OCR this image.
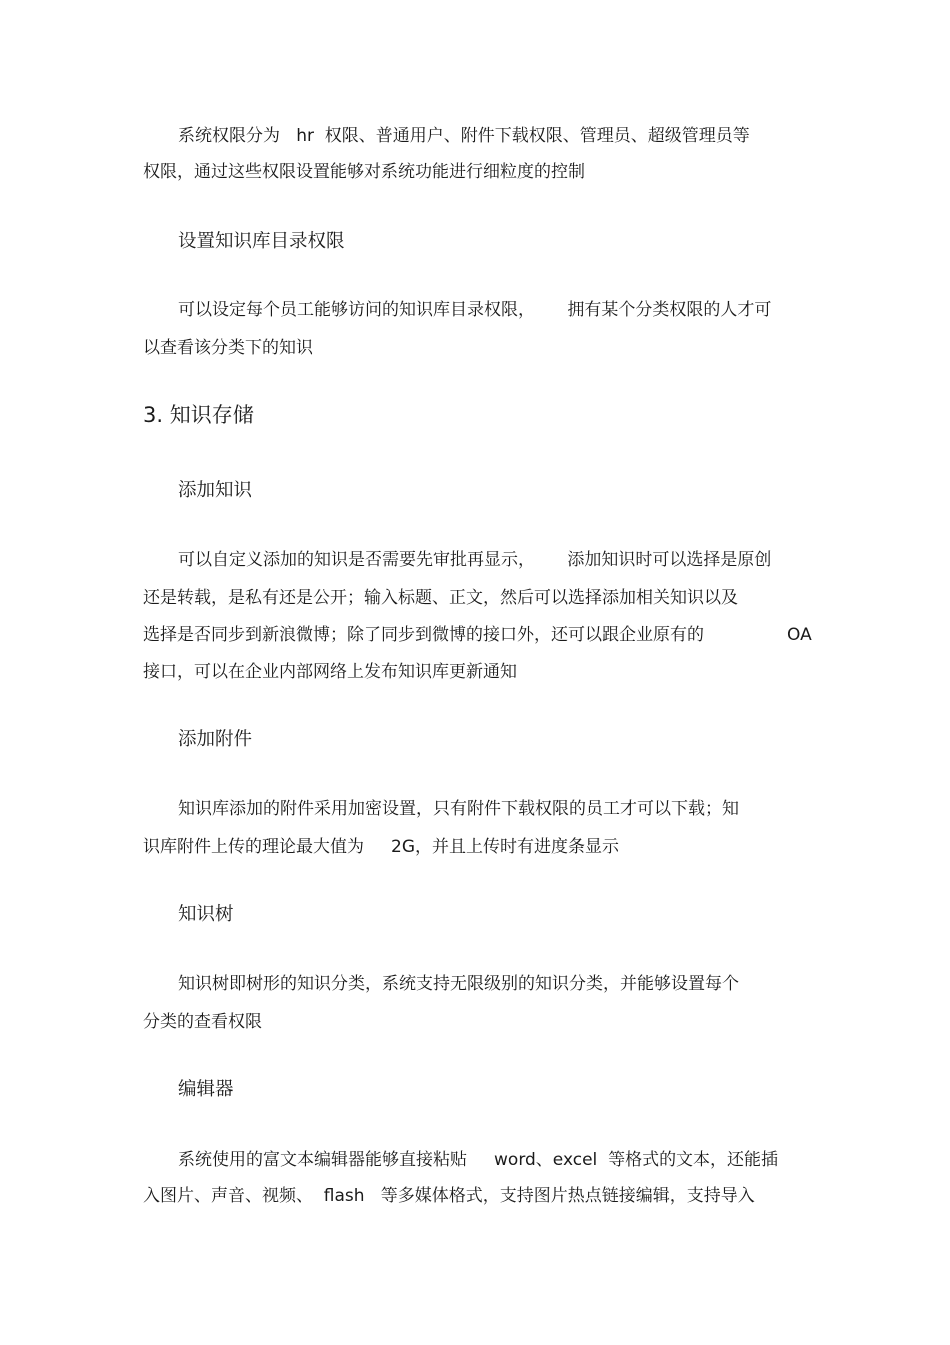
系统权限分为   hr  权限、普通用户、附件下载权限、管理员、超级管理员等
权限，通过这些权限设置能够对系统功能进行细粒度的控制
设置知识库目录权限
可以设定每个员工能够访问的知识库目录权限，      拥有某个分类权限的人才可
以查看该分类下的知识
3. 知识存储
添加知识
可以自定义添加的知识是否需要先审批再显示，      添加知识时可以选择是原创
还是转载，是私有还是公开；输入标题、正文，然后可以选择添加相关知识以及
选择是否同步到新浪微博；除了同步到微博的接口外，还可以跟企业原有的	OA
接口，可以在企业内部网络上发布知识库更新通知
添加附件
知识库添加的附件采用加密设置，只有附件下载权限的员工才可以下载；知
识库附件上传的理论最大值为     2G，并且上传时有进度条显示
知识树
知识树即树形的知识分类，系统支持无限级别的知识分类，并能够设置每个
分类的查看权限
编辑器
系统使用的富文本编辑器能够直接粘贴     word、excel  等格式的文本，还能插
入图片、声音、视频、  flash   等多媒体格式，支持图片热点链接编辑，支持导入
